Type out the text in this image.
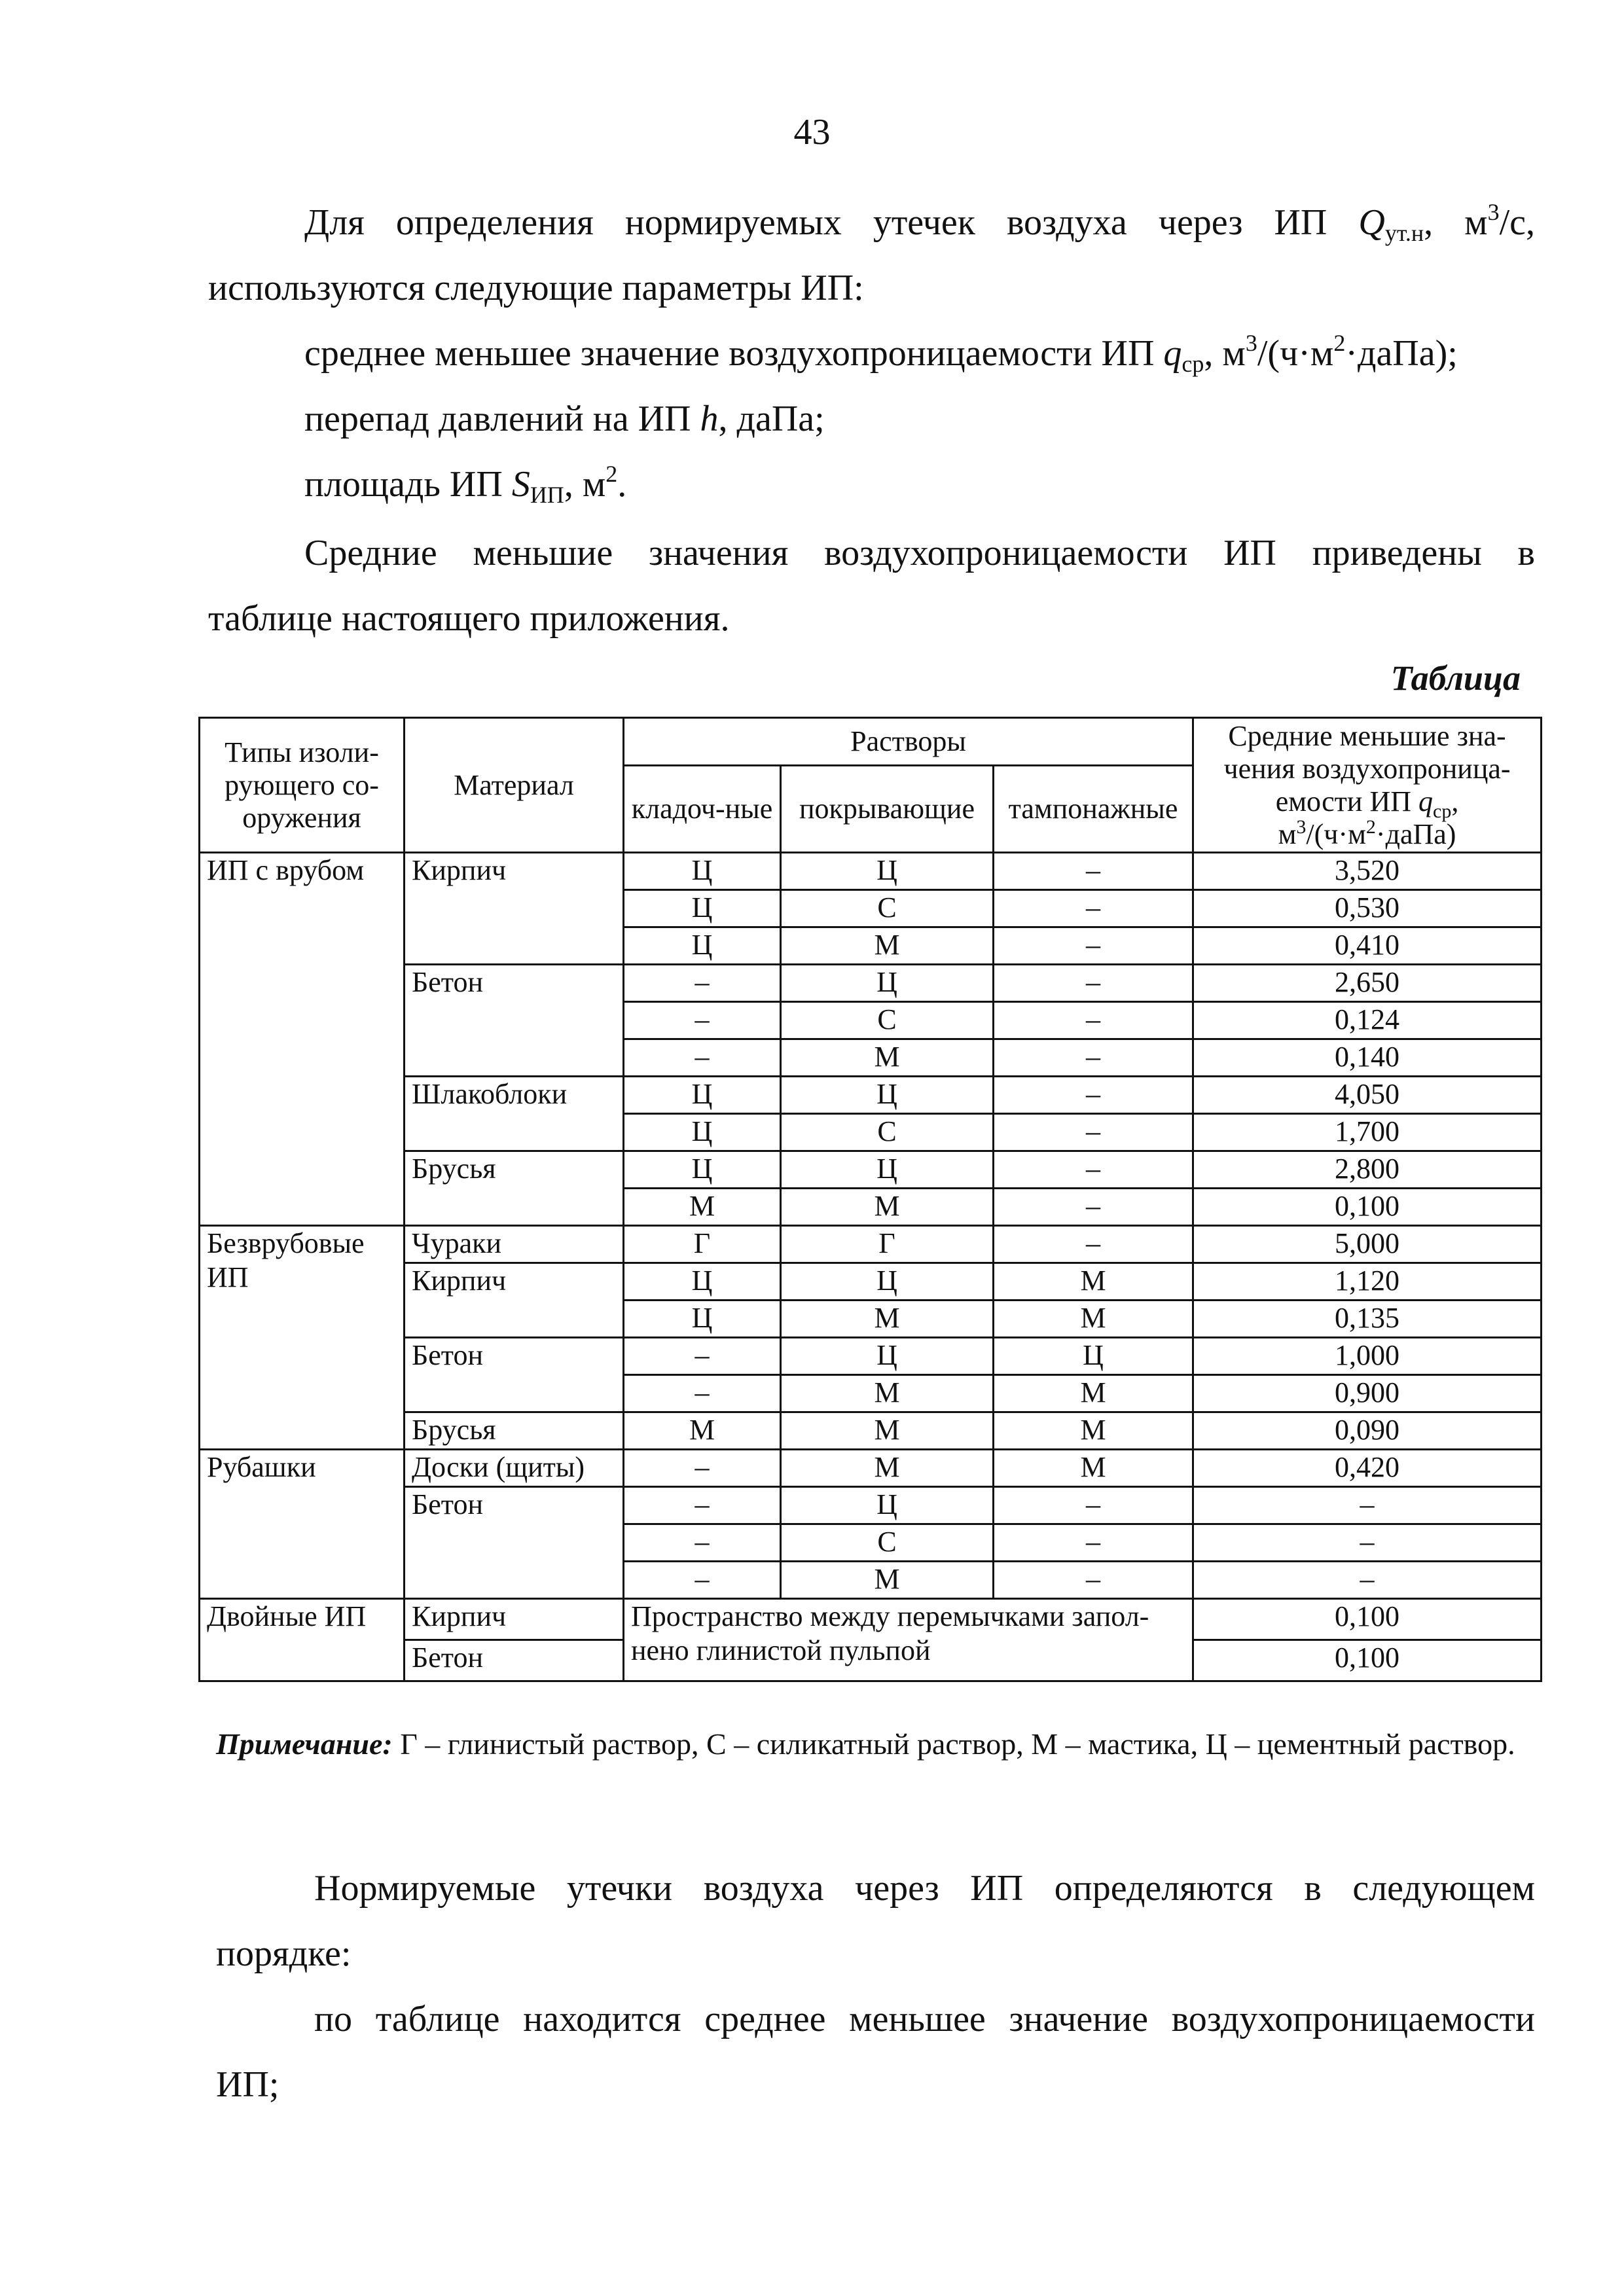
43

Для определения нормируемых утечек воздуха через ИП $Q_{ут.н}$, $м^3/с$,

используются следующие параметры ИП:

среднее меньшее значение воздухопроницаемости ИП $q_{ср}$, $м^3/(ч\cdot м^2\cdot даПа)$;

перепад давлений на ИП h, даПа;

площадь ИП $S_{ИП}$, $м^2$.

Средние меньшие значения воздухопроницаемости ИП приведены в

таблице настоящего приложения.

Таблица
Типы изоли-рующего со-оружения	Материал	Растворы			Средние меньшие зна-чения воздухопроница-емости ИП $q_{ср}$,
$м^3/(ч\cdot м^2\cdot даПа)$
		кладоч-ные	покрывающие	тампонажные	
ИП с врубом	Кирпич	Ц	Ц	–	3,520
		Ц	С	–	0,530
		Ц	М	–	0,410
	Бетон	–	Ц	–	2,650
		–	С	–	0,124
		–	М	–	0,140
	Шлакоблоки	Ц	Ц	–	4,050
		Ц	С	–	1,700
	Брусья	Ц	Ц	–	2,800
		М	М	–	0,100
Безврубовые ИП	Чураки	Г	Г	–	5,000
	Кирпич	Ц	Ц	М	1,120
		Ц	М	М	0,135
	Бетон	–	Ц	Ц	1,000
		–	М	М	0,900
	Брусья	М	М	М	0,090
Рубашки	Доски (щиты)	–	М	М	0,420
	Бетон	–	Ц	–	–
		–	С	–	–
		–	М	–	–
Двойные ИП	Кирпич	Пространство между перемычками запол-нено глинистой пульпой			0,100
	Бетон				0,100

Примечание: Г – глинистый раствор, С – силикатный раствор, М – мастика, Ц – цементный раствор.

Нормируемые утечки воздуха через ИП определяются в следующем

порядке:

по таблице находится среднее меньшее значение воздухопроницаемости

ИП;
